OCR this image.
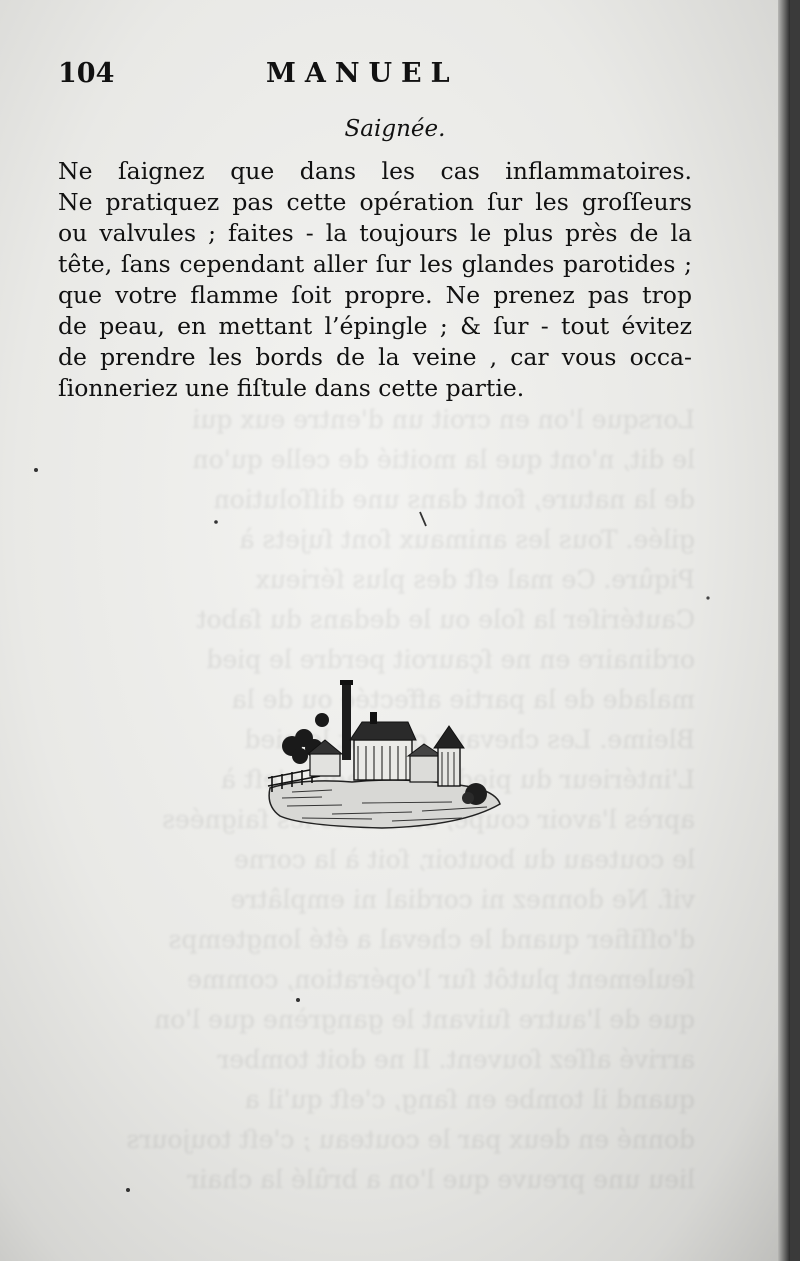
Lorsque l'on en croit un d'entre eux qui
le dit, n'ont que la moitié de celle qu'on
de la nature, font dans une diſſolution
gilée. Tous les animaux ſont ſujets à
Piqûre. Ce mal eſt des plus ſérieux
Cautériſer la ſole ou le dedans du ſabot
ordinaire en ne ſçauroit perdre le pied
malade de la partie affectée ou de la
Bleime. Les chevaux qui ont le pied
L'intérieur du pied c'eſt à
après l'avoir coupé, ſaignées
le couteau du boutoir, ſoit à la corne
vif. Ne donnez ni cordial ni emplâtre
d'oſſifier quand le cheval a été longtemps
ſeulement plutôt ſur l'opération, comme
que de l'autre ſuivant le gangrène que l'on
arrivé aſſez ſouvent. Il ne doit tomber
quand il tombe en ſang, c'eſt qu'il a
donné en deux par le couteau ; c'eſt toujours
lieu une preuve que l'on a brûlé la chair
104	MANUEL
Saignée.
Ne ſaignez que dans les cas inflammatoires.
Ne pratiquez pas cette opération ſur les groſſeurs
ou valvules ; faites - la toujours le plus près de la
tête, ſans cependant aller ſur les glandes parotides ;
que votre flamme ſoit propre. Ne prenez pas trop
de peau, en mettant l’épingle ; & ſur - tout évitez
de prendre les bords de la veine , car vous occa-
ſionneriez une fiſtule dans cette partie.
